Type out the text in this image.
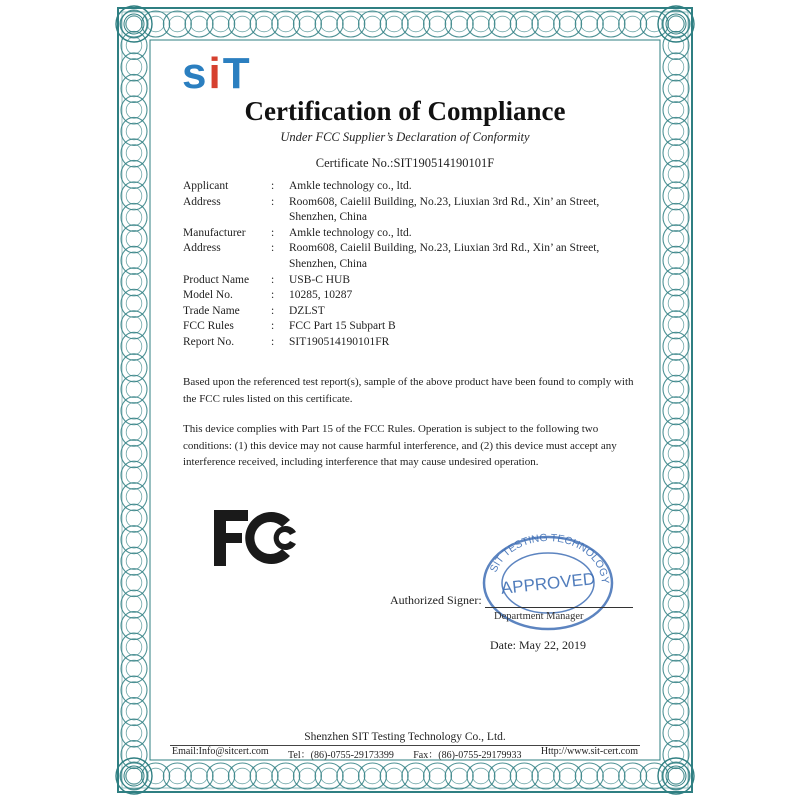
siT
Certification of Compliance
Under FCC Supplier’s Declaration of Conformity
Certificate No.:SIT190514190101F
Applicant	:	Amkle technology co., ltd.
Address	:	Room608, Caielil Building, No.23, Liuxian 3rd Rd., Xin’ an Street,
Shenzhen, China
Manufacturer	:	Amkle technology co., ltd.
Address	:	Room608, Caielil Building, No.23, Liuxian 3rd Rd., Xin’ an Street,
Shenzhen, China
Product Name	:	USB-C HUB
Model No.	:	10285, 10287
Trade Name	:	DZLST
FCC Rules	:	FCC Part 15 Subpart B
Report No.	:	SIT190514190101FR
Based upon the referenced test report(s), sample of the above product have been found to comply with the FCC rules listed on this certificate.
This device complies with Part 15 of the FCC Rules. Operation is subject to the following two conditions: (1) this device may not cause harmful interference, and (2) this device must accept any interference received, including interference that may cause undesired operation.
SIT TESTING TECHNOLOGY
APPROVED
Authorized Signer:
Department Manager
Date: May 22, 2019
Shenzhen SIT Testing Technology Co., Ltd.
Email:Info@sitcert.com Tel：(86)-0755-29173399 Fax：(86)-0755-29179933 Http://www.sit-cert.com
